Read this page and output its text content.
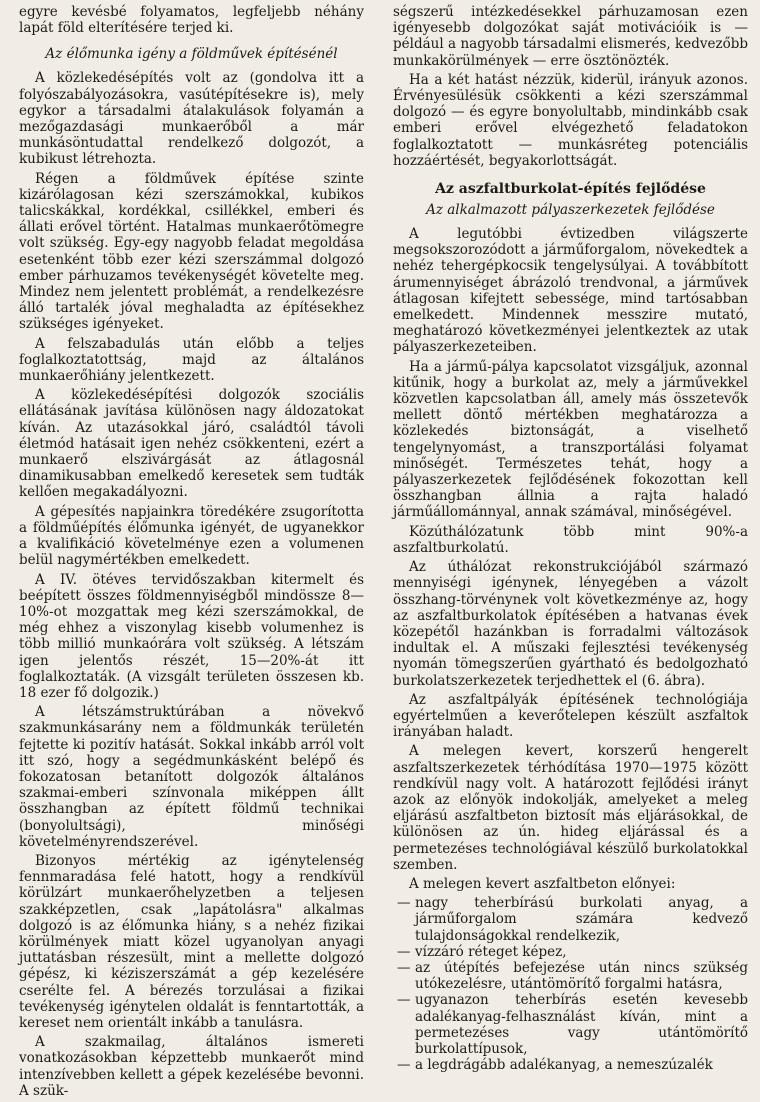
egyre kevésbé folyamatos, legfeljebb néhány lapát föld elterítésére terjed ki.

Az élőmunka igény a földművek építésénél

A közlekedésépítés volt az (gondolva itt a folyószabályozásokra, vasútépítésekre is), mely egykor a társadalmi átalakulások folyamán a mezőgazdasági munkaerőből a már munkásöntudattal rendelkező dolgozót, a kubikust létrehozta.

Régen a földművek építése szinte kizárólagosan kézi szerszámokkal, kubikos talicskákkal, kordékkal, csillékkel, emberi és állati erővel történt. Hatalmas munkaerőtömegre volt szükség. Egy-egy nagyobb feladat megoldása esetenként több ezer kézi szerszámmal dolgozó ember párhuzamos tevékenységét követelte meg. Mindez nem jelentett problémát, a rendelkezésre álló tartalék jóval meghaladta az építésekhez szükséges igényeket.

A felszabadulás után előbb a teljes foglalkoztatottság, majd az általános munkaerőhiány jelentkezett.

A közlekedésépítési dolgozók szociális ellátásának javítása különösen nagy áldozatokat kíván. Az utazásokkal járó, családtól távoli életmód hatásait igen nehéz csökkenteni, ezért a munkaerő elszivárgását az átlagosnál dinamikusabban emelkedő keresetek sem tudták kellően megakadályozni.

A gépesítés napjainkra töredékére zsugorította a földműépítés élőmunka igényét, de ugyanekkor a kvalifikáció követelménye ezen a volumenen belül nagymértékben emelkedett.

A IV. ötéves tervidőszakban kitermelt és beépített összes földmennyiségből mindössze 8—10%-ot mozgattak meg kézi szerszámokkal, de még ehhez a viszonylag kisebb volumenhez is több millió munkaórára volt szükség. A létszám igen jelentős részét, 15—20%-át itt foglalkoztaták. (A vizsgált területen összesen kb. 18 ezer fő dolgozik.)

A létszámstruktúrában a növekvő szakmunkásarány nem a földmunkák területén fejtette ki pozitív hatását. Sokkal inkább arról volt itt szó, hogy a segédmunkásként belépő és fokozatosan betanított dolgozók általános szakmai-emberi színvonala miképpen állt összhangban az épített földmű technikai (bonyolultsági), minőségi követelményrendszerével.

Bizonyos mértékig az igénytelenség fennmaradása felé hatott, hogy a rendkívül körülzárt munkaerőhelyzetben a teljesen szakképzetlen, csak „lapátolásra" alkalmas dolgozó is az élőmunka hiány, s a nehéz fizikai körülmények miatt közel ugyanolyan anyagi juttatásban részesült, mint a mellette dolgozó gépész, ki kéziszerszámát a gép kezelésére cserélte fel. A bérezés torzulásai a fizikai tevékenység igénytelen oldalát is fenntartották, a kereset nem orientált inkább a tanulásra.

A szakmailag, általános ismereti vonatkozásokban képzettebb munkaerőt mind intenzívebben kellett a gépek kezelésébe bevonni. A szük-

ségszerű intézkedésekkel párhuzamosan ezen igényesebb dolgozókat saját motivációik is — például a nagyobb társadalmi elismerés, kedvezőbb munkakörülmények — erre ösztönözték.

Ha a két hatást nézzük, kiderül, irányuk azonos. Érvényesülésük csökkenti a kézi szerszámmal dolgozó — és egyre bonyolultabb, mindinkább csak emberi erővel elvégezhető feladatokon foglalkoztatott — munkásréteg potenciális hozzáértését, begyakorlottságát.

Az aszfaltburkolat-építés fejlődése
Az alkalmazott pályaszerkezetek fejlődése

A legutóbbi évtizedben világszerte megsokszorozódott a járműforgalom, növekedtek a nehéz tehergépkocsik tengelysúlyai. A továbbított árumennyiséget ábrázoló trendvonal, a járművek átlagosan kifejtett sebessége, mind tartósabban emelkedett. Mindennek messzire mutató, meghatározó következményei jelentkeztek az utak pályaszerkezeteiben.

Ha a jármű-pálya kapcsolatot vizsgáljuk, azonnal kitűnik, hogy a burkolat az, mely a járművekkel közvetlen kapcsolatban áll, amely más összetevők mellett döntő mértékben meghatározza a közlekedés biztonságát, a viselhető tengelynyomást, a transzportálási folyamat minőségét. Természetes tehát, hogy a pályaszerkezetek fejlődésének fokozottan kell összhangban állnia a rajta haladó járműállománnyal, annak számával, minőségével.

Közúthálózatunk több mint 90%-a aszfaltburkolatú.

Az úthálózat rekonstrukciójából származó mennyiségi igénynek, lényegében a vázolt összhang-törvénynek volt következménye az, hogy az aszfaltburkolatok építésében a hatvanas évek közepétől hazánkban is forradalmi változások indultak el. A műszaki fejlesztési tevékenység nyomán tömegszerűen gyártható és bedolgozható burkolatszerkezetek terjedhettek el (6. ábra).

Az aszfaltpályák építésének technológiája egyértelműen a keverőtelepen készült aszfaltok irányában haladt.

A melegen kevert, korszerű hengerelt aszfaltszerkezetek térhódítása 1970—1975 között rendkívül nagy volt. A határozott fejlődési irányt azok az előnyök indokolják, amelyeket a meleg eljárású aszfaltbeton biztosít más eljárásokkal, de különösen az ún. hideg eljárással és a permetezéses technológiával készülő burkolatokkal szemben.

A melegen kevert aszfaltbeton előnyei:

— nagy teherbírású burkolati anyag, a járműforgalom számára kedvező tulajdonságokkal rendelkezik,
— vízzáró réteget képez,
— az útépítés befejezése után nincs szükség utókezelésre, utántömörítő forgalmi hatásra,
— ugyanazon teherbírás esetén kevesebb adalékanyag-felhasználást kíván, mint a permetezéses vagy utántömörítő burkolattípusok,
— a legdrágább adalékanyag, a nemeszúzalék
